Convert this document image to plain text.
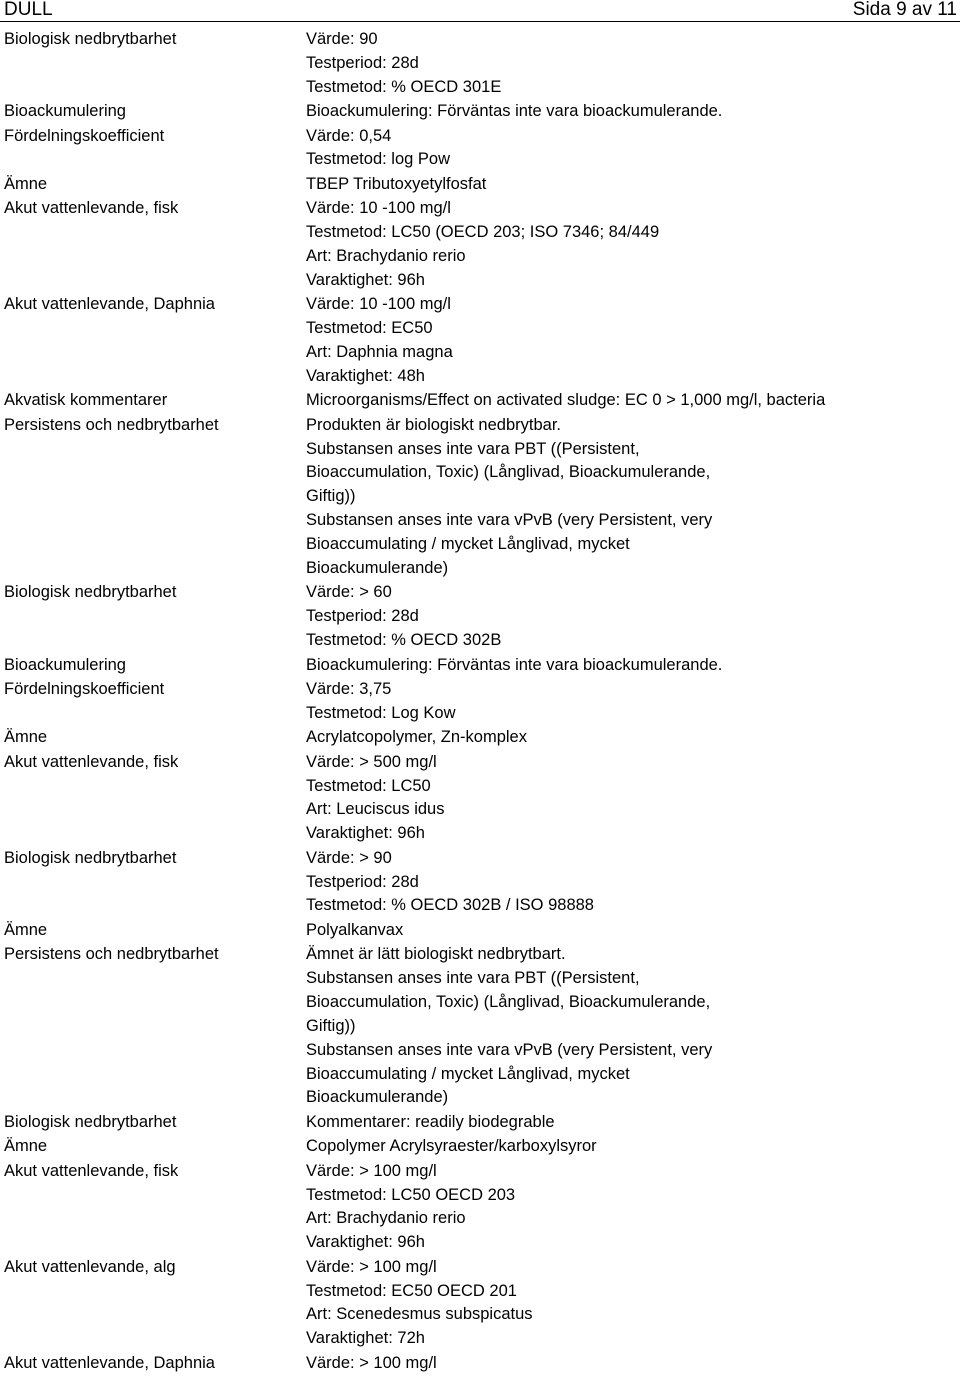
DULL	Sida 9 av 11
Biologisk nedbrytbarhet	Värde: 90
Testperiod: 28d
Testmetod: % OECD 301E
Bioackumulering	Bioackumulering: Förväntas inte vara bioackumulerande.
Fördelningskoefficient	Värde: 0,54
Testmetod: log Pow
Ämne	TBEP Tributoxyetylfosfat
Akut vattenlevande, fisk	Värde: 10 -100 mg/l
Testmetod: LC50 (OECD 203; ISO 7346; 84/449
Art: Brachydanio rerio
Varaktighet: 96h
Akut vattenlevande, Daphnia	Värde: 10 -100 mg/l
Testmetod: EC50
Art: Daphnia magna
Varaktighet: 48h
Akvatisk kommentarer	Microorganisms/Effect on activated sludge: EC 0 > 1,000 mg/l, bacteria
Persistens och nedbrytbarhet	Produkten är biologiskt nedbrytbar.
Substansen anses inte vara PBT ((Persistent,
Bioaccumulation, Toxic) (Långlivad, Bioackumulerande,
Giftig))
Substansen anses inte vara vPvB (very Persistent, very
Bioaccumulating / mycket Långlivad, mycket
Bioackumulerande)
Biologisk nedbrytbarhet	Värde: > 60
Testperiod: 28d
Testmetod: % OECD 302B
Bioackumulering	Bioackumulering: Förväntas inte vara bioackumulerande.
Fördelningskoefficient	Värde: 3,75
Testmetod: Log Kow
Ämne	Acrylatcopolymer, Zn-komplex
Akut vattenlevande, fisk	Värde: > 500 mg/l
Testmetod: LC50
Art: Leuciscus idus
Varaktighet: 96h
Biologisk nedbrytbarhet	Värde: > 90
Testperiod: 28d
Testmetod: % OECD 302B / ISO 98888
Ämne	Polyalkanvax
Persistens och nedbrytbarhet	Ämnet är lätt biologiskt nedbrytbart.
Substansen anses inte vara PBT ((Persistent,
Bioaccumulation, Toxic) (Långlivad, Bioackumulerande,
Giftig))
Substansen anses inte vara vPvB (very Persistent, very
Bioaccumulating / mycket Långlivad, mycket
Bioackumulerande)
Biologisk nedbrytbarhet	Kommentarer: readily biodegrable
Ämne	Copolymer Acrylsyraester/karboxylsyror
Akut vattenlevande, fisk	Värde: > 100 mg/l
Testmetod: LC50 OECD 203
Art: Brachydanio rerio
Varaktighet: 96h
Akut vattenlevande, alg	Värde: > 100 mg/l
Testmetod: EC50 OECD 201
Art: Scenedesmus subspicatus
Varaktighet: 72h
Akut vattenlevande, Daphnia	Värde: > 100 mg/l
